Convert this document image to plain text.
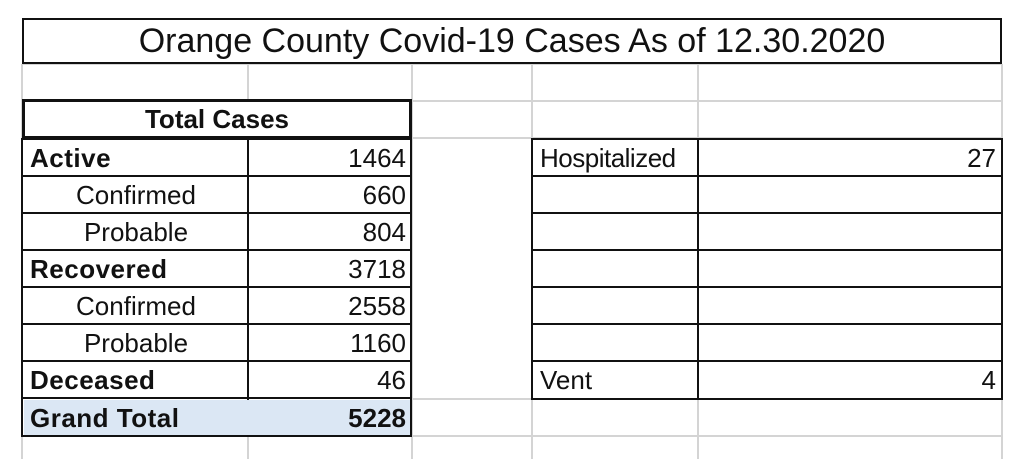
Orange County Covid-19 Cases As of 12.30.2020
Total Cases
Active	1464
Confirmed	660
Probable	804
Recovered	3718
Confirmed	2558
Probable	1160
Deceased	46
Grand Total	5228
Hospitalized	27
Vent	4
